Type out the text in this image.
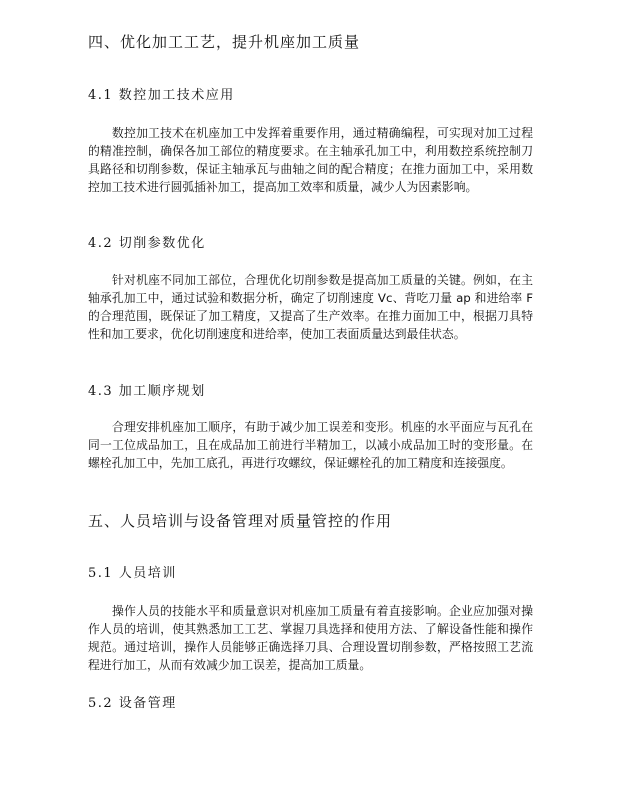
四、优化加工工艺，提升机座加工质量
4.1 数控加工技术应用

数控加工技术在机座加工中发挥着重要作用，通过精确编程，可实现对加工过程的精准控制，确保各加工部位的精度要求。在主轴承孔加工中，利用数控系统控制刀具路径和切削参数，保证主轴承瓦与曲轴之间的配合精度；在推力面加工中，采用数控加工技术进行圆弧插补加工，提高加工效率和质量，减少人为因素影响。

4.2 切削参数优化

针对机座不同加工部位，合理优化切削参数是提高加工质量的关键。例如，在主轴承孔加工中，通过试验和数据分析，确定了切削速度 Vc、背吃刀量 ap 和进给率 F 的合理范围，既保证了加工精度，又提高了生产效率。在推力面加工中，根据刀具特性和加工要求，优化切削速度和进给率，使加工表面质量达到最佳状态。

4.3 加工顺序规划

合理安排机座加工顺序，有助于减少加工误差和变形。机座的水平面应与瓦孔在同一工位成品加工，且在成品加工前进行半精加工，以减小成品加工时的变形量。在螺栓孔加工中，先加工底孔，再进行攻螺纹，保证螺栓孔的加工精度和连接强度。

五、人员培训与设备管理对质量管控的作用
5.1 人员培训

操作人员的技能水平和质量意识对机座加工质量有着直接影响。企业应加强对操作人员的培训，使其熟悉加工工艺、掌握刀具选择和使用方法、了解设备性能和操作规范。通过培训，操作人员能够正确选择刀具、合理设置切削参数，严格按照工艺流程进行加工，从而有效减少加工误差，提高加工质量。

5.2 设备管理
